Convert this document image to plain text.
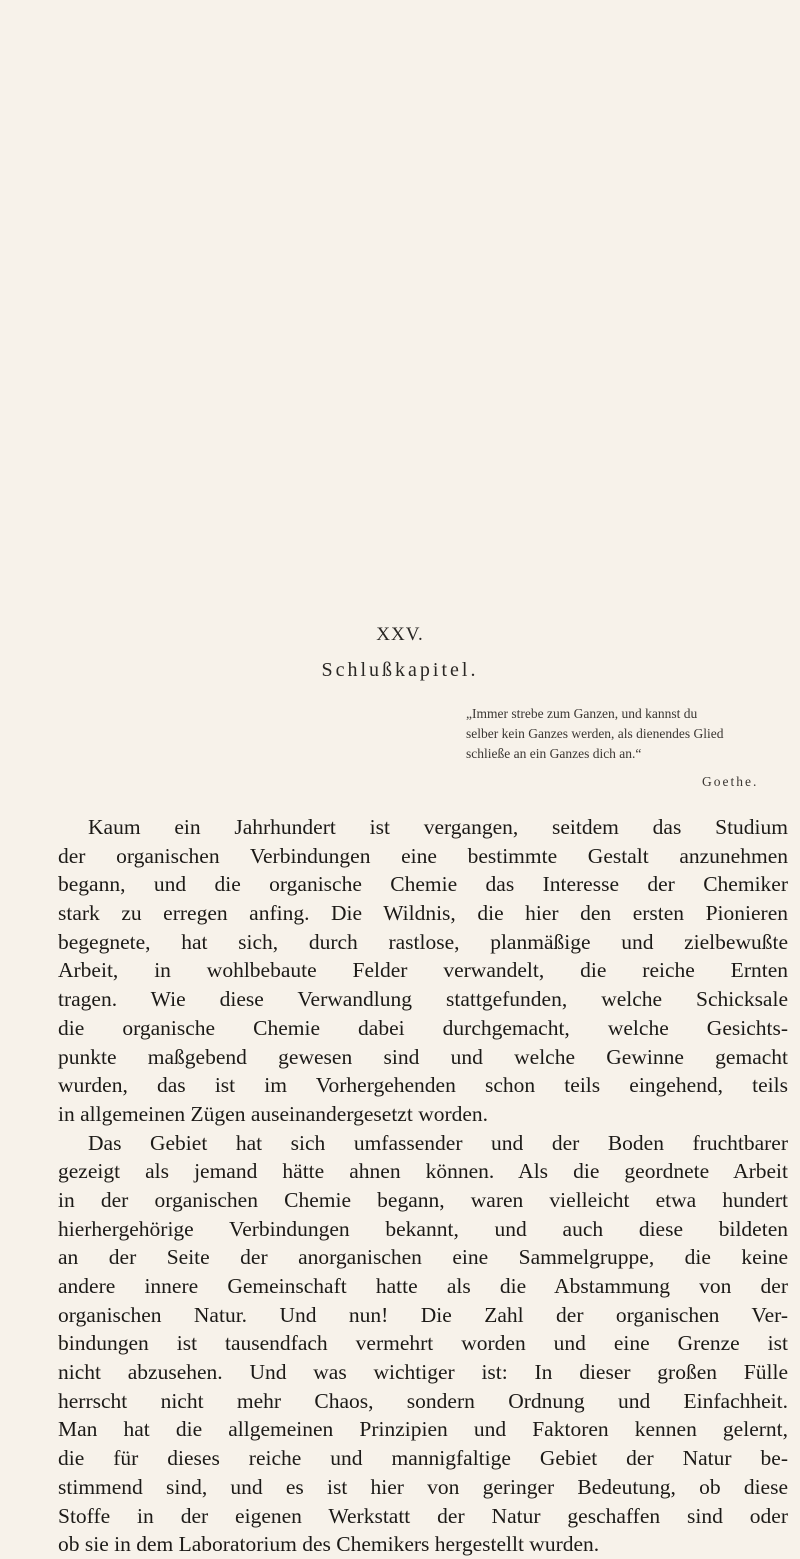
XXV.
Schlußkapitel.
„Immer strebe zum Ganzen, und kannst du
selber kein Ganzes werden, als dienendes Glied
schließe an ein Ganzes dich an.“
Goethe.
Kaum ein Jahrhundert ist vergangen, seitdem das Studium
der organischen Verbindungen eine bestimmte Gestalt anzunehmen
begann, und die organische Chemie das Interesse der Chemiker
stark zu erregen anfing. Die Wildnis, die hier den ersten Pionieren
begegnete, hat sich, durch rastlose, planmäßige und zielbewußte
Arbeit, in wohlbebaute Felder verwandelt, die reiche Ernten
tragen. Wie diese Verwandlung stattgefunden, welche Schicksale
die organische Chemie dabei durchgemacht, welche Gesichts-
punkte maßgebend gewesen sind und welche Gewinne gemacht
wurden, das ist im Vorhergehenden schon teils eingehend, teils
in allgemeinen Zügen auseinandergesetzt worden.
Das Gebiet hat sich umfassender und der Boden fruchtbarer
gezeigt als jemand hätte ahnen können. Als die geordnete Arbeit
in der organischen Chemie begann, waren vielleicht etwa hundert
hierhergehörige Verbindungen bekannt, und auch diese bildeten
an der Seite der anorganischen eine Sammelgruppe, die keine
andere innere Gemeinschaft hatte als die Abstammung von der
organischen Natur. Und nun! Die Zahl der organischen Ver-
bindungen ist tausendfach vermehrt worden und eine Grenze ist
nicht abzusehen. Und was wichtiger ist: In dieser großen Fülle
herrscht nicht mehr Chaos, sondern Ordnung und Einfachheit.
Man hat die allgemeinen Prinzipien und Faktoren kennen gelernt,
die für dieses reiche und mannigfaltige Gebiet der Natur be-
stimmend sind, und es ist hier von geringer Bedeutung, ob diese
Stoffe in der eigenen Werkstatt der Natur geschaffen sind oder
ob sie in dem Laboratorium des Chemikers hergestellt wurden.
